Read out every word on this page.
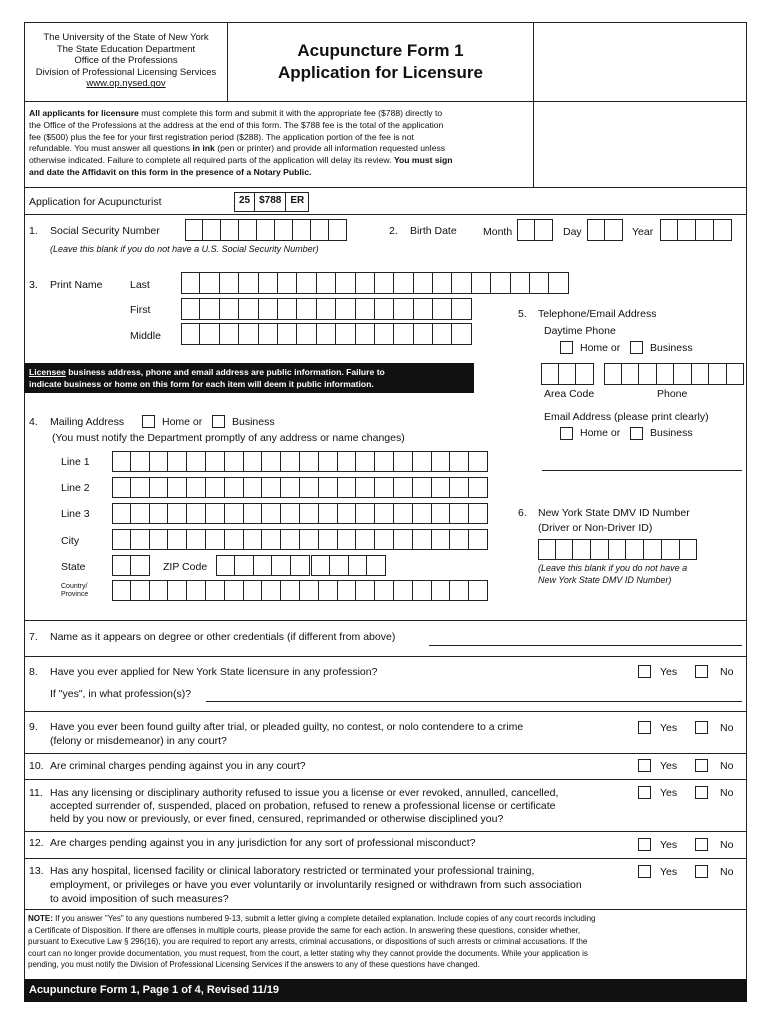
The University of the State of New York
The State Education Department
Office of the Professions
Division of Professional Licensing Services
www.op.nysed.gov
Acupuncture Form 1
Application for Licensure
All applicants for licensure must complete this form and submit it with the appropriate fee ($788) directly to
the Office of the Professions at the address at the end of this form. The $788 fee is the total of the application
fee ($500) plus the fee for your first registration period ($288). The application portion of the fee is not
refundable. You must answer all questions in ink (pen or printer) and provide all information requested unless
otherwise indicated. Failure to complete all required parts of the application will delay its review. You must sign
and date the Affidavit on this form in the presence of a Notary Public.
Application for Acupuncturist	25 $788 ER
1. Social Security Number
(Leave this blank if you do not have a U.S. Social Security Number)
2. Birth Date	Month	Day	Year
3. Print Name	Last
First
Middle
Licensee business address, phone and email address are public information. Failure to
indicate business or home on this form for each item will deem it public information.
4. Mailing Address	Home or	Business
(You must notify the Department promptly of any address or name changes)
Line 1
Line 2
Line 3
City
State	ZIP Code
Country/
Province
5. Telephone/Email Address
Daytime Phone
Home or	Business
Area Code	Phone
Email Address (please print clearly)
Home or	Business
6. New York State DMV ID Number
(Driver or Non-Driver ID)
(Leave this blank if you do not have a
New York State DMV ID Number)
7. Name as it appears on degree or other credentials (if different from above)
8. Have you ever applied for New York State licensure in any profession?
If "yes", in what profession(s)?
Yes	No
9. Have you ever been found guilty after trial, or pleaded guilty, no contest, or nolo contendere to a crime
(felony or misdemeanor) in any court?
Yes	No
10. Are criminal charges pending against you in any court?	Yes	No
11. Has any licensing or disciplinary authority refused to issue you a license or ever revoked, annulled, cancelled,
accepted surrender of, suspended, placed on probation, refused to renew a professional license or certificate
held by you now or previously, or ever fined, censured, reprimanded or otherwise disciplined you?
Yes	No
12. Are charges pending against you in any jurisdiction for any sort of professional misconduct?	Yes	No
13. Has any hospital, licensed facility or clinical laboratory restricted or terminated your professional training,
employment, or privileges or have you ever voluntarily or involuntarily resigned or withdrawn from such association
to avoid imposition of such measures?
Yes	No
NOTE: If you answer "Yes" to any questions numbered 9-13, submit a letter giving a complete detailed explanation. Include copies of any court records including
a Certificate of Disposition. If there are offenses in multiple courts, please provide the same for each action. In answering these questions, consider whether,
pursuant to Executive Law § 296(16), you are required to report any arrests, criminal accusations, or dispositions of such arrests or criminal accusations. If the
court can no longer provide documentation, you must request, from the court, a letter stating why they cannot provide the documents. While your application is
pending, you must notify the Division of Professional Licensing Services if the answers to any of these questions have changed.
Acupuncture Form 1, Page 1 of 4, Revised 11/19
